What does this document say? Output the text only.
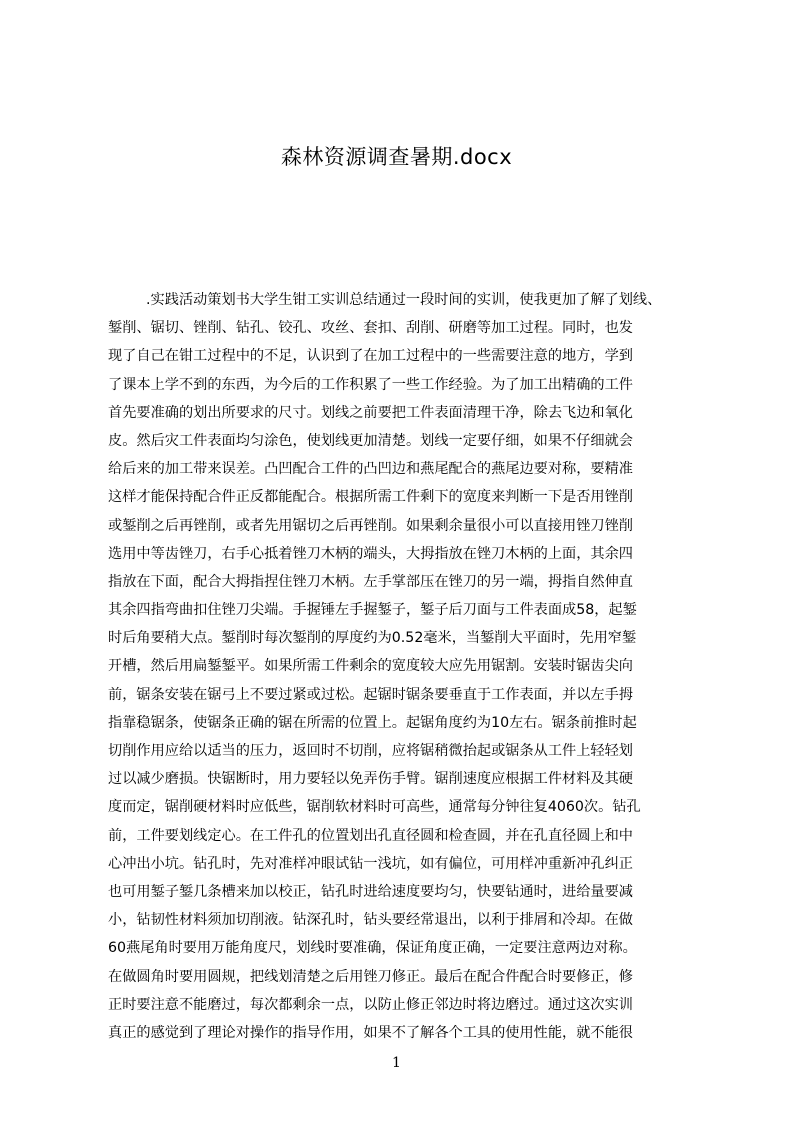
森林资源调查暑期.docx
.实践活动策划书大学生钳工实训总结通过一段时间的实训，使我更加了解了划线、
錾削、锯切、锉削、钻孔、铰孔、攻丝、套扣、刮削、研磨等加工过程。同时，也发
现了自己在钳工过程中的不足，认识到了在加工过程中的一些需要注意的地方，学到
了课本上学不到的东西，为今后的工作积累了一些工作经验。为了加工出精确的工件
首先要准确的划出所要求的尺寸。划线之前要把工件表面清理干净，除去飞边和氧化
皮。然后灾工件表面均匀涂色，使划线更加清楚。划线一定要仔细，如果不仔细就会
给后来的加工带来误差。凸凹配合工件的凸凹边和燕尾配合的燕尾边要对称，要精准
这样才能保持配合件正反都能配合。根据所需工件剩下的宽度来判断一下是否用锉削
或錾削之后再锉削，或者先用锯切之后再锉削。如果剩余量很小可以直接用锉刀锉削
选用中等齿锉刀，右手心抵着锉刀木柄的端头，大拇指放在锉刀木柄的上面，其余四
指放在下面，配合大拇指捏住锉刀木柄。左手掌部压在锉刀的另一端，拇指自然伸直
其余四指弯曲扣住锉刀尖端。手握锤左手握錾子，錾子后刀面与工件表面成58，起錾
时后角要稍大点。錾削时每次錾削的厚度约为0.52毫米，当錾削大平面时，先用窄錾
开槽，然后用扁錾錾平。如果所需工件剩余的宽度较大应先用锯割。安装时锯齿尖向
前，锯条安装在锯弓上不要过紧或过松。起锯时锯条要垂直于工作表面，并以左手拇
指靠稳锯条，使锯条正确的锯在所需的位置上。起锯角度约为10左右。锯条前推时起
切削作用应给以适当的压力，返回时不切削，应将锯稍微抬起或锯条从工件上轻轻划
过以减少磨损。快锯断时，用力要轻以免弄伤手臂。锯削速度应根据工件材料及其硬
度而定，锯削硬材料时应低些，锯削软材料时可高些，通常每分钟往复4060次。钻孔
前，工件要划线定心。在工件孔的位置划出孔直径圆和检查圆，并在孔直径圆上和中
心冲出小坑。钻孔时，先对准样冲眼试钻一浅坑，如有偏位，可用样冲重新冲孔纠正
也可用錾子錾几条槽来加以校正，钻孔时进给速度要均匀，快要钻通时，进给量要减
小，钻韧性材料须加切削液。钻深孔时，钻头要经常退出，以利于排屑和冷却。在做
60燕尾角时要用万能角度尺，划线时要准确，保证角度正确，一定要注意两边对称。
在做圆角时要用圆规，把线划清楚之后用锉刀修正。最后在配合件配合时要修正，修
正时要注意不能磨过，每次都剩余一点，以防止修正邻边时将边磨过。通过这次实训
真正的感觉到了理论对操作的指导作用，如果不了解各个工具的使用性能，就不能很
1
